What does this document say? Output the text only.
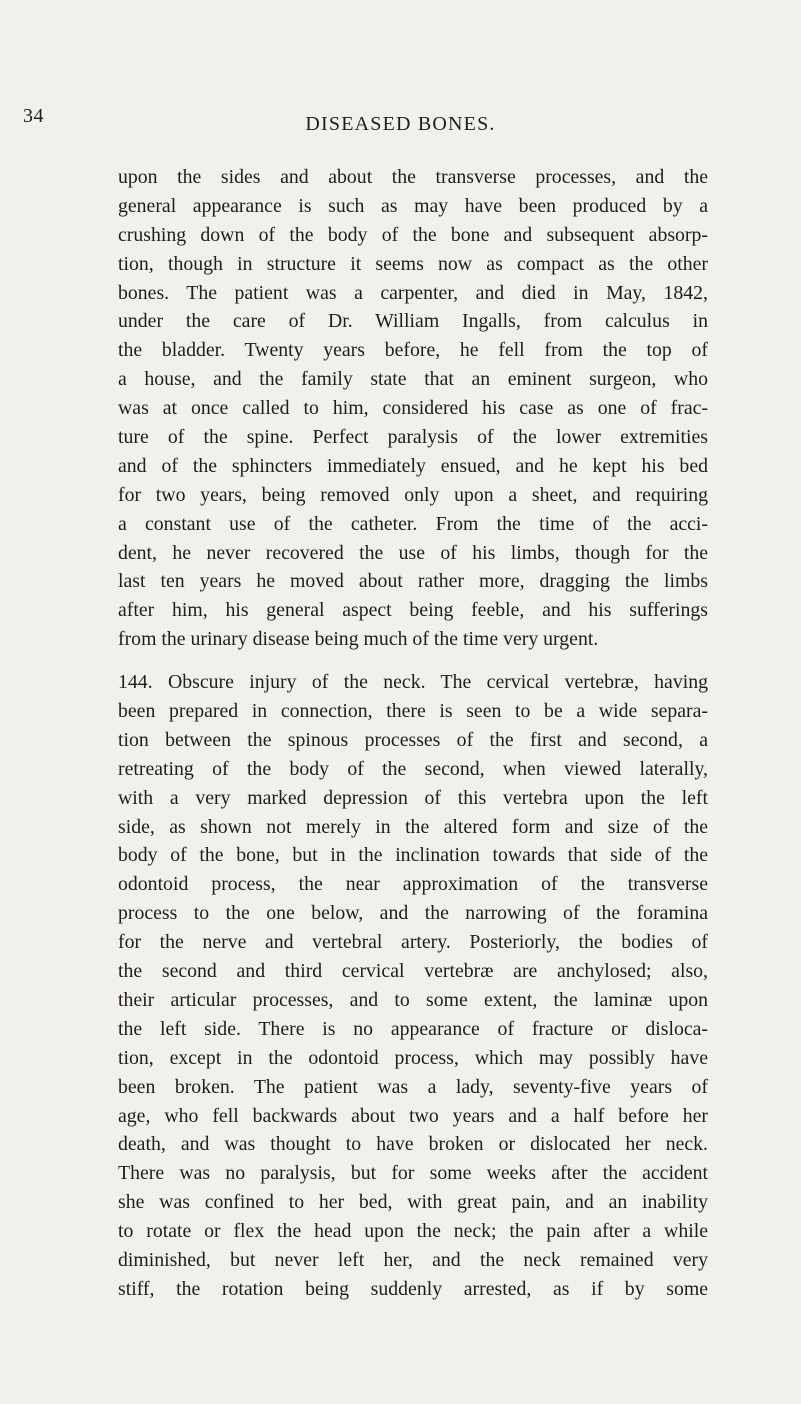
34	DISEASED BONES.
upon the sides and about the transverse processes, and the
general appearance is such as may have been produced by a
crushing down of the body of the bone and subsequent absorp-
tion, though in structure it seems now as compact as the other
bones. The patient was a carpenter, and died in May, 1842,
under the care of Dr. William Ingalls, from calculus in
the bladder. Twenty years before, he fell from the top of
a house, and the family state that an eminent surgeon, who
was at once called to him, considered his case as one of frac-
ture of the spine. Perfect paralysis of the lower extremities
and of the sphincters immediately ensued, and he kept his bed
for two years, being removed only upon a sheet, and requiring
a constant use of the catheter. From the time of the acci-
dent, he never recovered the use of his limbs, though for the
last ten years he moved about rather more, dragging the limbs
after him, his general aspect being feeble, and his sufferings
from the urinary disease being much of the time very urgent.
144. Obscure injury of the neck. The cervical vertebræ, having
been prepared in connection, there is seen to be a wide separa-
tion between the spinous processes of the first and second, a
retreating of the body of the second, when viewed laterally,
with a very marked depression of this vertebra upon the left
side, as shown not merely in the altered form and size of the
body of the bone, but in the inclination towards that side of the
odontoid process, the near approximation of the transverse
process to the one below, and the narrowing of the foramina
for the nerve and vertebral artery. Posteriorly, the bodies of
the second and third cervical vertebræ are anchylosed; also,
their articular processes, and to some extent, the laminæ upon
the left side. There is no appearance of fracture or disloca-
tion, except in the odontoid process, which may possibly have
been broken. The patient was a lady, seventy-five years of
age, who fell backwards about two years and a half before her
death, and was thought to have broken or dislocated her neck.
There was no paralysis, but for some weeks after the accident
she was confined to her bed, with great pain, and an inability
to rotate or flex the head upon the neck; the pain after a while
diminished, but never left her, and the neck remained very
stiff, the rotation being suddenly arrested, as if by some
